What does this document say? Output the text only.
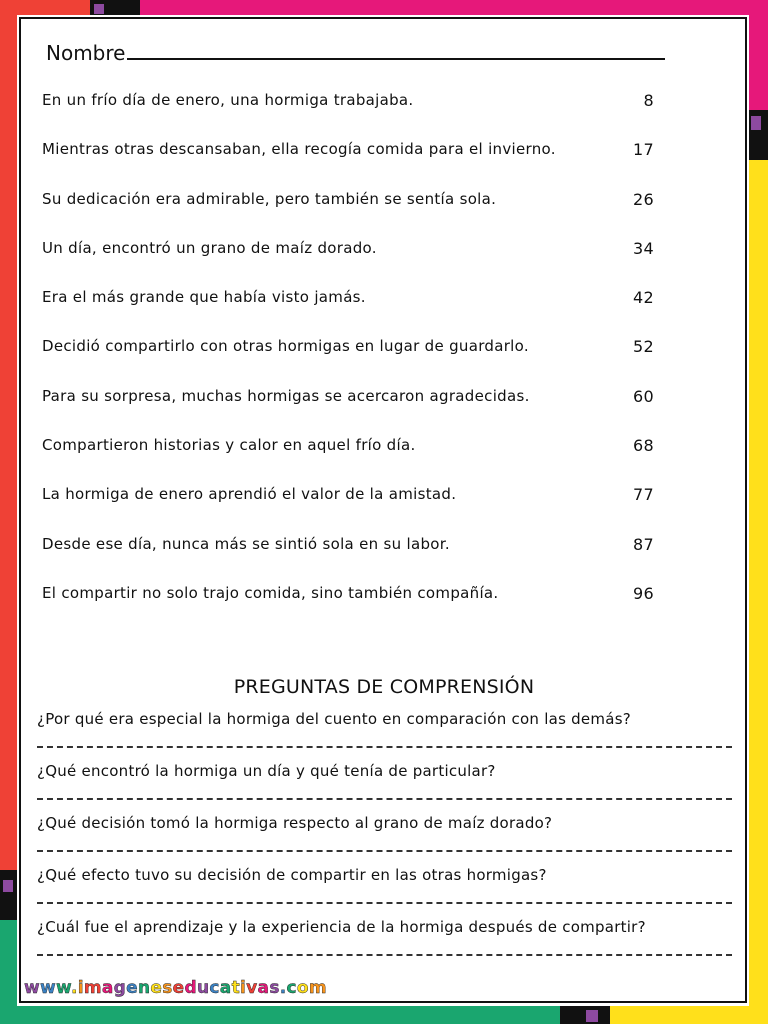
Nombre
En un frío día de enero, una hormiga trabajaba.	8
Mientras otras descansaban, ella recogía comida para el invierno.	17
Su dedicación era admirable, pero también se sentía sola.	26
Un día, encontró un grano de maíz dorado.	34
Era el más grande que había visto jamás.	42
Decidió compartirlo con otras hormigas en lugar de guardarlo.	52
Para su sorpresa, muchas hormigas se acercaron agradecidas.	60
Compartieron historias y calor en aquel frío día.	68
La hormiga de enero aprendió el valor de la amistad.	77
Desde ese día, nunca más se sintió sola en su labor.	87
El compartir no solo trajo comida, sino también compañía.	96
PREGUNTAS DE COMPRENSIÓN
¿Por qué era especial la hormiga del cuento en comparación con las demás?
¿Qué encontró la hormiga un día y qué tenía de particular?
¿Qué decisión tomó la hormiga respecto al grano de maíz dorado?
¿Qué efecto tuvo su decisión de compartir en las otras hormigas?
¿Cuál fue el aprendizaje y la experiencia de la hormiga después de compartir?
www.imageneseducativas.com
